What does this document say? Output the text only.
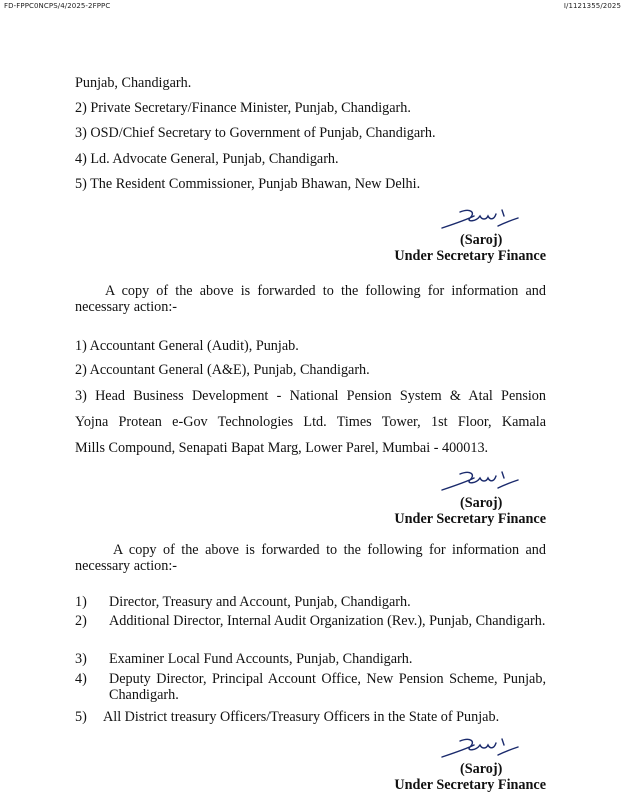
FD-FPPC0NCPS/4/2025-2FPPC	I/1121355/2025
Punjab, Chandigarh.
2) Private Secretary/Finance Minister, Punjab, Chandigarh.
3) OSD/Chief Secretary to Government of Punjab, Chandigarh.
4) Ld. Advocate General, Punjab, Chandigarh.
5) The Resident Commissioner, Punjab Bhawan, New Delhi.
(Saroj)
Under Secretary Finance
A copy of the above is forwarded to the following for information and necessary action:-
1) Accountant General (Audit), Punjab.
2) Accountant General (A&E), Punjab, Chandigarh.
3) Head Business Development - National Pension System & Atal Pension
Yojna Protean e-Gov Technologies Ltd. Times Tower, 1st Floor, Kamala
Mills Compound, Senapati Bapat Marg, Lower Parel, Mumbai - 400013.
(Saroj)
Under Secretary Finance
A copy of the above is forwarded to the following for information and necessary action:-
1) Director, Treasury and Account, Punjab, Chandigarh.
2) Additional Director, Internal Audit Organization (Rev.), Punjab, Chandigarh.
3) Examiner Local Fund Accounts, Punjab, Chandigarh.
4) Deputy Director, Principal Account Office, New Pension Scheme, Punjab, Chandigarh.
5) All District treasury Officers/Treasury Officers in the State of Punjab.
(Saroj)
Under Secretary Finance
